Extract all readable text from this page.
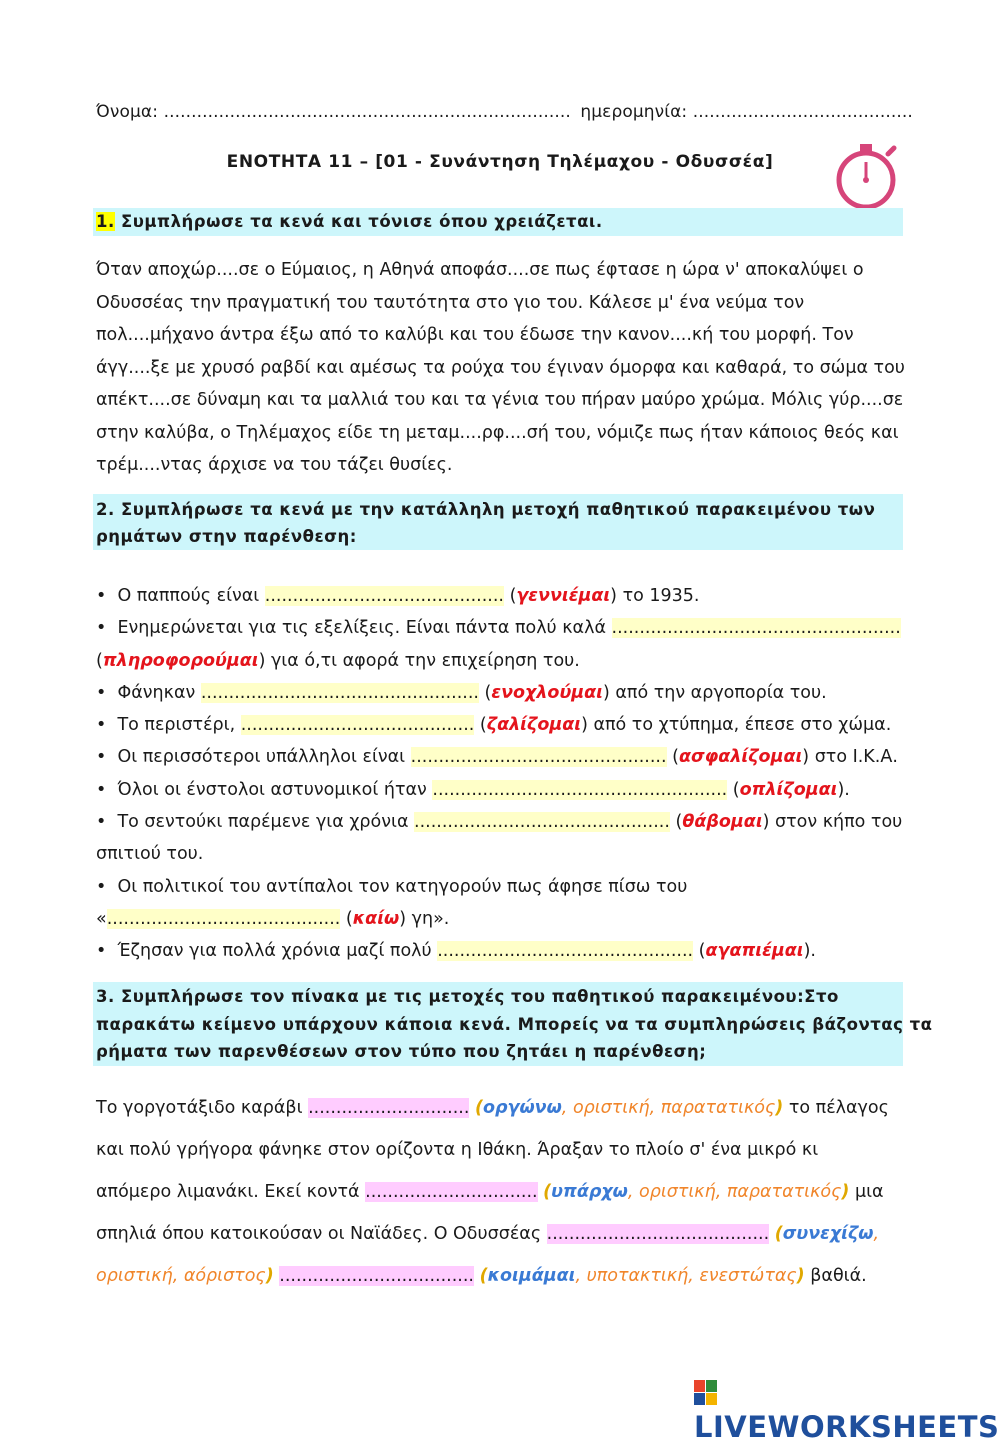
Όνομα: .......................................................................... ημερομηνία: ........................................
ΕΝΟΤΗΤΑ 11 – [01 - Συνάντηση Τηλέμαχου - Οδυσσέα]
1. Συμπλήρωσε τα κενά και τόνισε όπου χρειάζεται.
Όταν αποχώρ....σε ο Εύμαιος, η Αθηνά αποφάσ....σε πως έφτασε η ώρα ν' αποκαλύψει ο
Οδυσσέας την πραγματική του ταυτότητα στο γιο του. Κάλεσε μ' ένα νεύμα τον
πολ....μήχανο άντρα έξω από το καλύβι και του έδωσε την κανον....κή του μορφή. Τον
άγγ....ξε με χρυσό ραβδί και αμέσως τα ρούχα του έγιναν όμορφα και καθαρά, το σώμα του
απέκτ....σε δύναμη και τα μαλλιά του και τα γένια του πήραν μαύρο χρώμα. Μόλις γύρ....σε
στην καλύβα, ο Τηλέμαχος είδε τη μεταμ....ρφ....σή του, νόμιζε πως ήταν κάποιος θεός και
τρέμ....ντας άρχισε να του τάζει θυσίες.
2. Συμπλήρωσε τα κενά με την κατάλληλη μετοχή παθητικού παρακειμένου των
ρημάτων στην παρένθεση:
• Ο παππούς είναι ........................................... (γεννιέμαι) το 1935.
• Ενημερώνεται για τις εξελίξεις. Είναι πάντα πολύ καλά ....................................................
(πληροφορούμαι) για ό,τι αφορά την επιχείρηση του.
• Φάνηκαν .................................................. (ενοχλούμαι) από την αργοπορία του.
• Το περιστέρι, .......................................... (ζαλίζομαι) από το χτύπημα, έπεσε στο χώμα.
• Οι περισσότεροι υπάλληλοι είναι .............................................. (ασφαλίζομαι) στο Ι.Κ.Α.
• Όλοι οι ένστολοι αστυνομικοί ήταν ..................................................... (οπλίζομαι).
• Το σεντούκι παρέμενε για χρόνια .............................................. (θάβομαι) στον κήπο του
σπιτιού του.
• Οι πολιτικοί του αντίπαλοι τον κατηγορούν πως άφησε πίσω του
«.......................................... (καίω) γη».
• Έζησαν για πολλά χρόνια μαζί πολύ .............................................. (αγαπιέμαι).
3. Συμπλήρωσε τον πίνακα με τις μετοχές του παθητικού παρακειμένου:Στο
παρακάτω κείμενο υπάρχουν κάποια κενά. Μπορείς να τα συμπληρώσεις βάζοντας τα
ρήματα των παρενθέσεων στον τύπο που ζητάει η παρένθεση;
Το γοργοτάξιδο καράβι ............................. (οργώνω, οριστική, παρατατικός) το πέλαγος
και πολύ γρήγορα φάνηκε στον ορίζοντα η Ιθάκη. Άραξαν το πλοίο σ' ένα μικρό κι
απόμερο λιμανάκι. Εκεί κοντά ............................... (υπάρχω, οριστική, παρατατικός) μια
σπηλιά όπου κατοικούσαν οι Ναϊάδες. Ο Οδυσσέας ........................................ (συνεχίζω,
οριστική, αόριστος) ................................... (κοιμάμαι, υποτακτική, ενεστώτας) βαθιά.
LIVEWORKSHEETS
